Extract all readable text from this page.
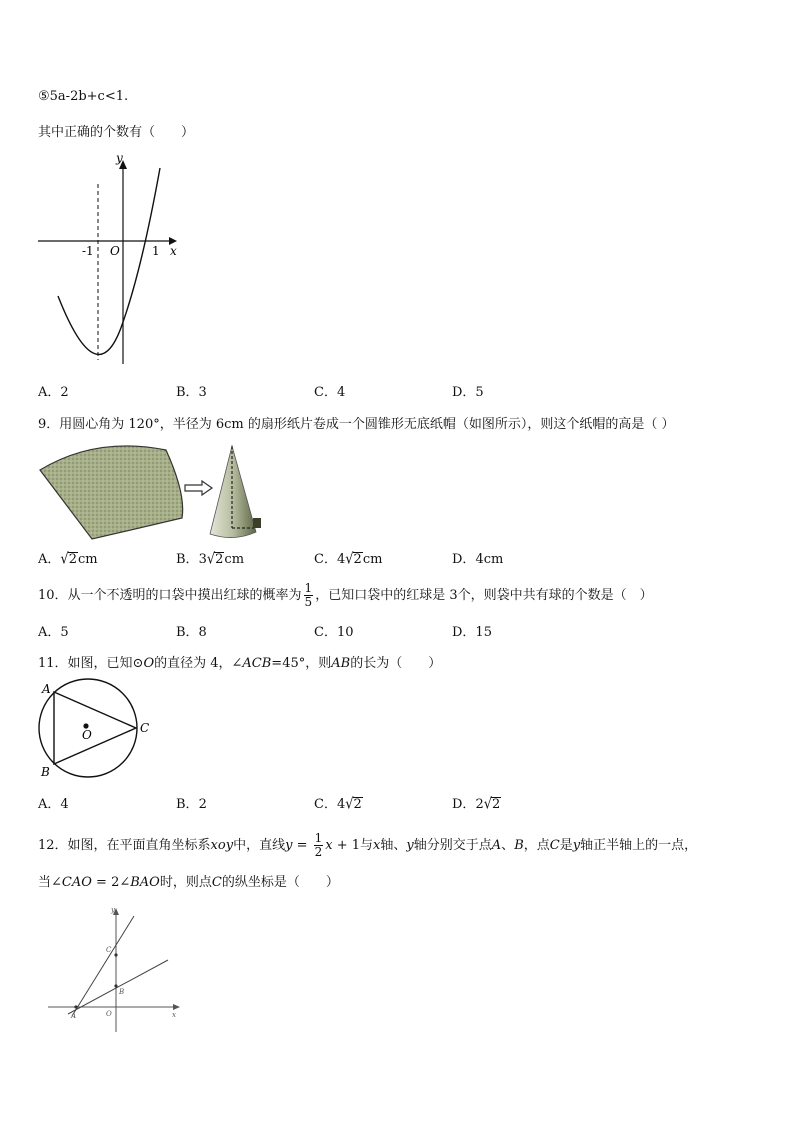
⑤5a-2b+c<1.
其中正确的个数有（　　）
y
x
O
-1	1
A．2	B．3	C．4	D．5
9．用圆心角为 120°，半径为 6cm 的扇形纸片卷成一个圆锥形无底纸帽（如图所示），则这个纸帽的高是（ ）
A．√2cm	B．3√2cm	C．4√2cm	D．4cm
10．从一个不透明的口袋中摸出红球的概率为 $\frac{1}{5}$ ，已知口袋中的红球是 3个，则袋中共有球的个数是（　）
A．5	B．8	C．10	D．15
11．如图，已知⊙O的直径为 4，∠ACB=45°，则AB的长为（　　）
A
B
C
O
A．4	B．2	C．4√2	D．2√2
12．如图，在平面直角坐标系xoy中，直线$y = \frac{1}{2}$ x + 1与x轴、y轴分别交于点A、B，点C是y轴正半轴上的一点，
当∠CAO = 2∠BAO时，则点C的纵坐标是（　　）
y
x
C
B
A	O
